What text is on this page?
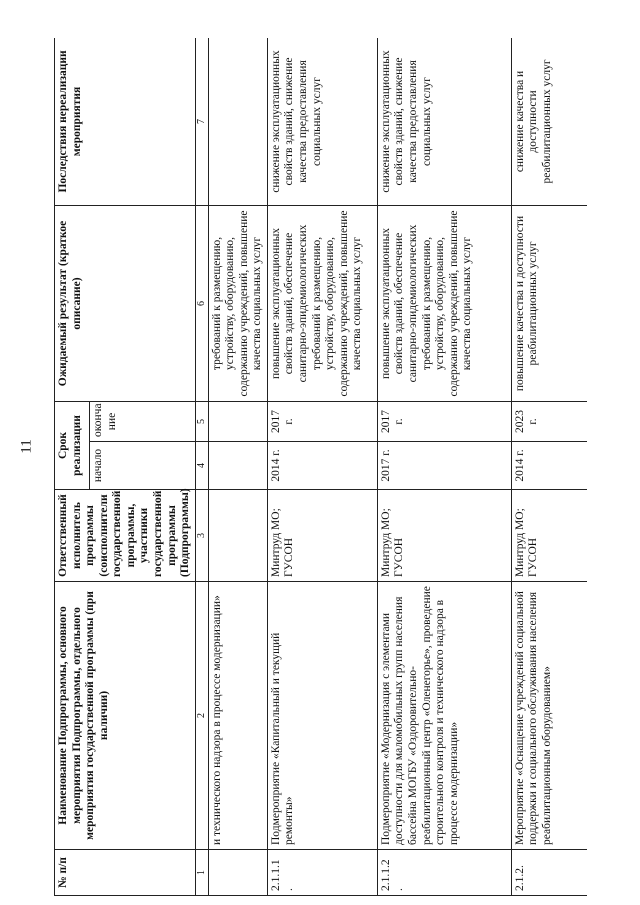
11
№ п/п	Наименование Подпрограммы, основного мероприятия Подпрограммы, отдельного мероприятия государственной программы (при наличии)	Ответственный исполнитель программы (соисполнители государственной программы, участники государственной программы (Подпрограммы)	Срок реализации		Ожидаемый результат (краткое описание)	Последствия нереализации мероприятия
			начало	оконча ние		
1	2	3	4	5	6	7
	и технического надзора в процессе модернизации»				требований к размещению, устройству, оборудованию, содержанию учреждений, повышение качества социальных услуг	
2.1.1.1 .	Подмероприятие «Капитальный и текущий ремонты»	Минтруд МО; ГУСОН	2014 г.	2017 г.	повышение эксплуатационных свойств зданий, обеспечение санитарно-эпидемиологических требований к размещению, устройству, оборудованию, содержанию учреждений, повышение качества социальных услуг	снижение эксплуатационных свойств зданий, снижение качества предоставления социальных услуг
2.1.1.2 .	Подмероприятие «Модернизация с элементами доступности для маломобильных групп населения бассейна МОГБУ «Оздоровительно-реабилитационный центр «Оленегорье», проведение строительного контроля и технического надзора в процессе модернизации»	Минтруд МО; ГУСОН	2017 г.	2017 г.	повышение эксплуатационных свойств зданий, обеспечение санитарно-эпидемиологических требований к размещению, устройству, оборудованию, содержанию учреждений, повышение качества социальных услуг	снижение эксплуатационных свойств зданий, снижение качества предоставления социальных услуг
2.1.2.	Мероприятие «Оснащение учреждений социальной поддержки и социального обслуживания населения реабилитационным оборудованием»	Минтруд МО; ГУСОН	2014 г.	2023 г.	повышение качества и доступности реабилитационных услуг	снижение качества и доступности реабилитационных услуг
